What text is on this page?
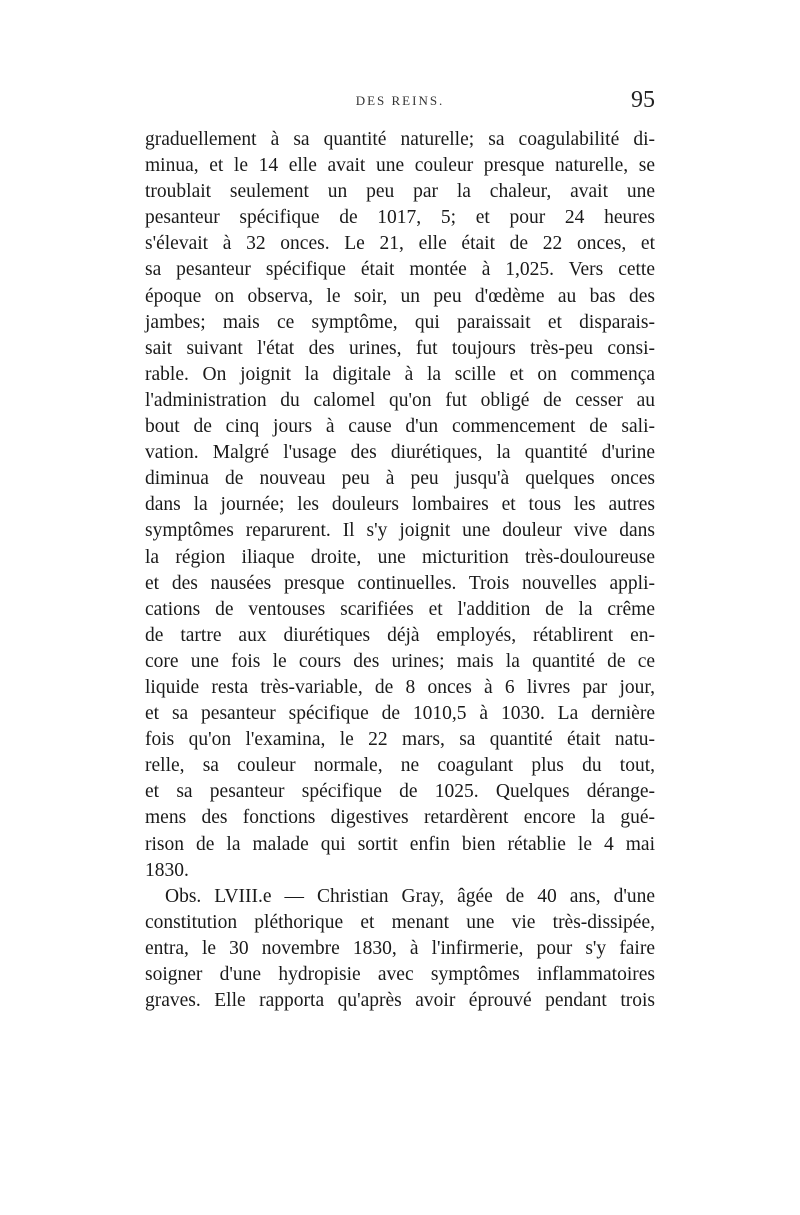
DES REINS.	95
graduellement à sa quantité naturelle; sa coagulabilité di-
minua, et le 14 elle avait une couleur presque naturelle, se
troublait seulement un peu par la chaleur, avait une
pesanteur spécifique de 1017, 5; et pour 24 heures
s'élevait à 32 onces. Le 21, elle était de 22 onces, et
sa pesanteur spécifique était montée à 1,025. Vers cette
époque on observa, le soir, un peu d'œdème au bas des
jambes; mais ce symptôme, qui paraissait et disparais-
sait suivant l'état des urines, fut toujours très-peu consi-
rable. On joignit la digitale à la scille et on commença
l'administration du calomel qu'on fut obligé de cesser au
bout de cinq jours à cause d'un commencement de sali-
vation. Malgré l'usage des diurétiques, la quantité d'urine
diminua de nouveau peu à peu jusqu'à quelques onces
dans la journée; les douleurs lombaires et tous les autres
symptômes reparurent. Il s'y joignit une douleur vive dans
la région iliaque droite, une micturition très-douloureuse
et des nausées presque continuelles. Trois nouvelles appli-
cations de ventouses scarifiées et l'addition de la crême
de tartre aux diurétiques déjà employés, rétablirent en-
core une fois le cours des urines; mais la quantité de ce
liquide resta très-variable, de 8 onces à 6 livres par jour,
et sa pesanteur spécifique de 1010,5 à 1030. La dernière
fois qu'on l'examina, le 22 mars, sa quantité était natu-
relle, sa couleur normale, ne coagulant plus du tout,
et sa pesanteur spécifique de 1025. Quelques dérange-
mens des fonctions digestives retardèrent encore la gué-
rison de la malade qui sortit enfin bien rétablie le 4 mai
1830.
Obs. LVIII.e — Christian Gray, âgée de 40 ans, d'une
constitution pléthorique et menant une vie très-dissipée,
entra, le 30 novembre 1830, à l'infirmerie, pour s'y faire
soigner d'une hydropisie avec symptômes inflammatoires
graves. Elle rapporta qu'après avoir éprouvé pendant trois
